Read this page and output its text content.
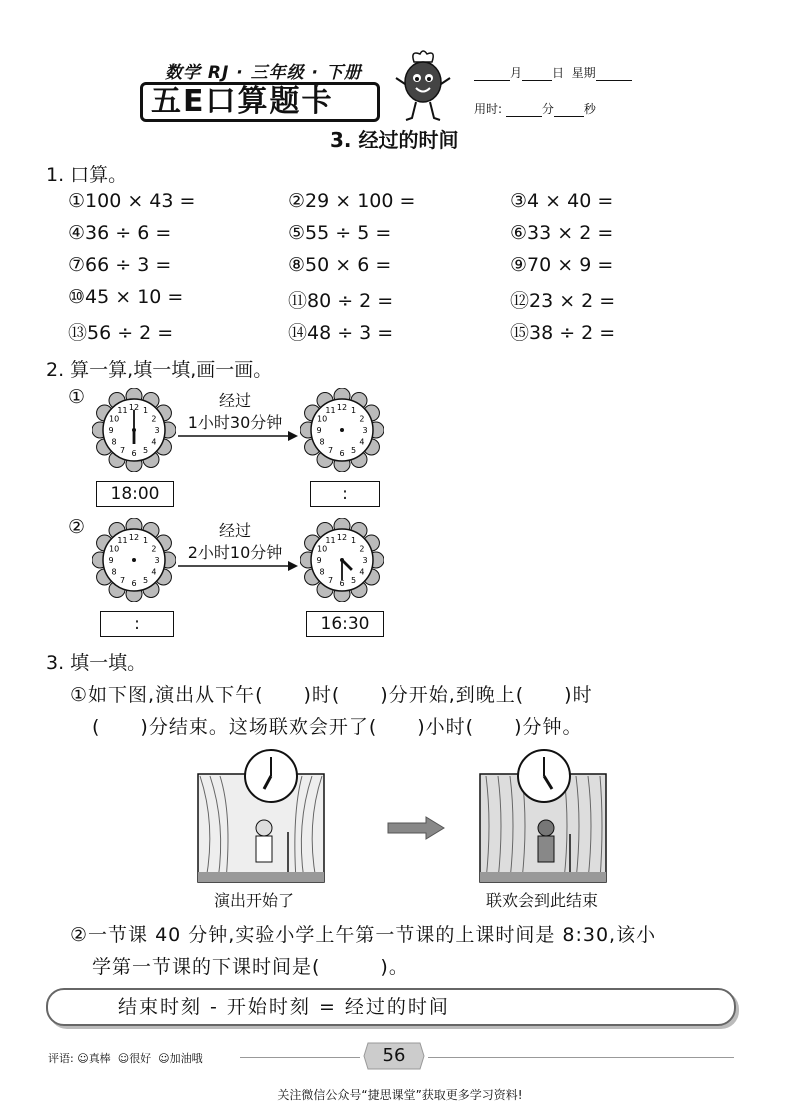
数学 RJ · 三年级 · 下册
五E口算题卡
月	日 星期
用时:	分	秒
3. 经过的时间
1. 口算。
①100 × 43 =	②29 × 100 =	③4 × 40 =
④36 ÷ 6 =	⑤55 ÷ 5 =	⑥33 × 2 =
⑦66 ÷ 3 =	⑧50 × 6 =	⑨70 × 9 =
⑩45 × 10 =	⑪80 ÷ 2 =	⑫23 × 2 =
⑬56 ÷ 2 =	⑭48 ÷ 3 =	⑮38 ÷ 2 =
2. 算一算,填一填,画一画。
①
1
2
3
4
5
6
7
8
9
10
11 12	经过
1小时30分钟
1
2
3
4
5
6
7
8
9
10
11 12
18:00	:
②
1
2
3
4
5
6
7
8
9
10
11 12	经过
2小时10分钟
1
2
3
4
5
6
7
8
9
10
11 12
:	16:30
3. 填一填。
①如下图,演出从下午(　　)时(　　)分开始,到晚上(　　)时
(　　)分结束。这场联欢会开了(　　)小时(　　)分钟。
演出开始了	联欢会到此结束
②一节课 40 分钟,实验小学上午第一节课的上课时间是 8:30,该小
学第一节课的下课时间是(　　　)。
结束时刻 - 开始时刻 = 经过的时间
评语: ☺真棒 ☺很好 ☺加油哦	56
关注微信公众号“捷思课堂”获取更多学习资料!
